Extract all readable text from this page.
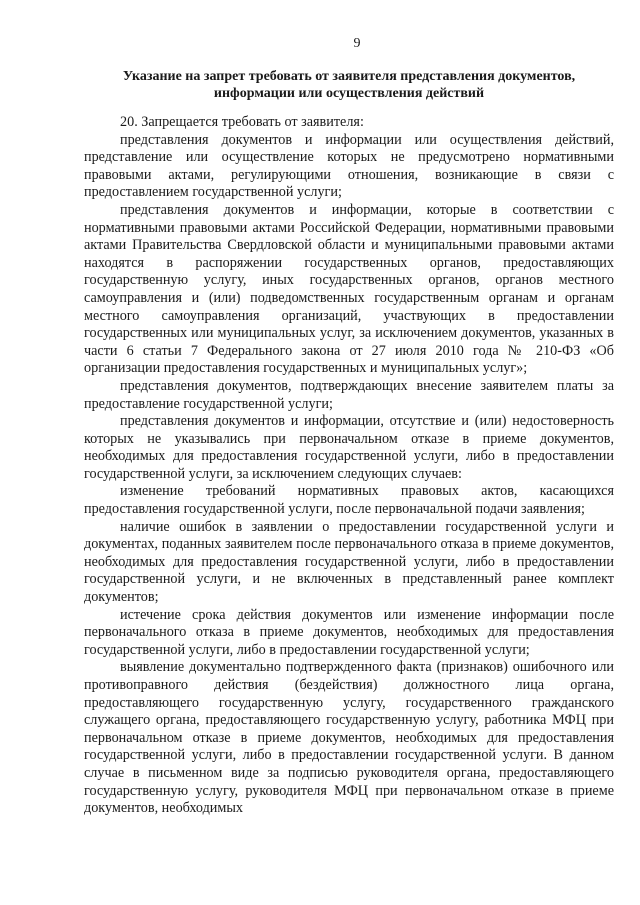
9
Указание на запрет требовать от заявителя представления документов, информации или осуществления действий

20. Запрещается требовать от заявителя:

представления документов и информации или осуществления действий, представление или осуществление которых не предусмотрено нормативными правовыми актами, регулирующими отношения, возникающие в связи с предоставлением государственной услуги;

представления документов и информации, которые в соответствии с нормативными правовыми актами Российской Федерации, нормативными правовыми актами Правительства Свердловской области и муниципальными правовыми актами находятся в распоряжении государственных органов, предоставляющих государственную услугу, иных государственных органов, органов местного самоуправления и (или) подведомственных государственным органам и органам местного самоуправления организаций, участвующих в предоставлении государственных или муниципальных услуг, за исключением документов, указанных в части 6 статьи 7 Федерального закона от 27 июля 2010 года № 210-ФЗ «Об организации предоставления государственных и муниципальных услуг»;

представления документов, подтверждающих внесение заявителем платы за предоставление государственной услуги;

представления документов и информации, отсутствие и (или) недостоверность которых не указывались при первоначальном отказе в приеме документов, необходимых для предоставления государственной услуги, либо в предоставлении государственной услуги, за исключением следующих случаев:

изменение требований нормативных правовых актов, касающихся предоставления государственной услуги, после первоначальной подачи заявления;

наличие ошибок в заявлении о предоставлении государственной услуги и документах, поданных заявителем после первоначального отказа в приеме документов, необходимых для предоставления государственной услуги, либо в предоставлении государственной услуги, и не включенных в представленный ранее комплект документов;

истечение срока действия документов или изменение информации после первоначального отказа в приеме документов, необходимых для предоставления государственной услуги, либо в предоставлении государственной услуги;

выявление документально подтвержденного факта (признаков) ошибочного или противоправного действия (бездействия) должностного лица органа, предоставляющего государственную услугу, государственного гражданского служащего органа, предоставляющего государственную услугу, работника МФЦ при первоначальном отказе в приеме документов, необходимых для предоставления государственной услуги, либо в предоставлении государственной услуги. В данном случае в письменном виде за подписью руководителя органа, предоставляющего государственную услугу, руководителя МФЦ при первоначальном отказе в приеме документов, необходимых
